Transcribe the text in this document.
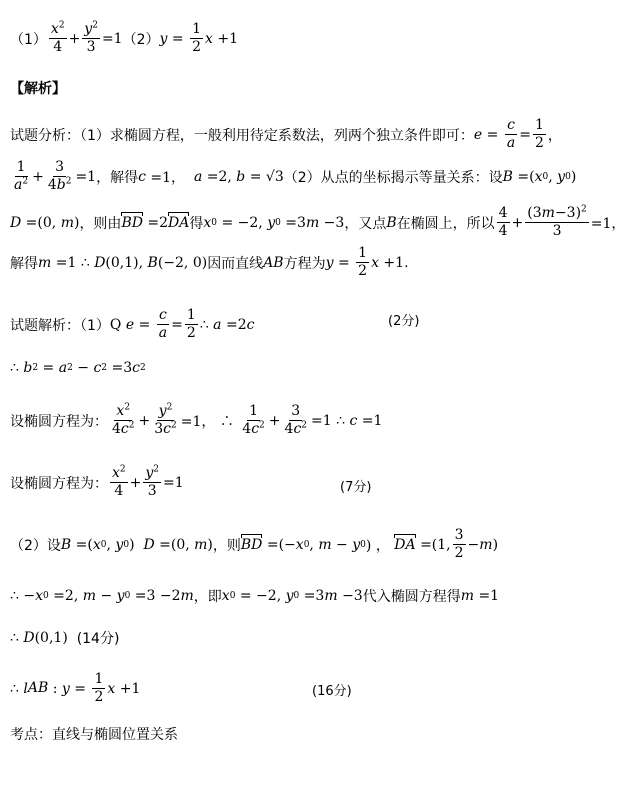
$(1) \frac{x^2}{4} + \frac{y^2}{3} =1$ （2） $y = \frac{1}{2}$ x +1
【解析】
试题分析：（1）求椭圆方程，一般利用待定系数法，列两个独立条件即可： $e = \frac{c}{a} = \frac{1}{2}$ ，
$\frac{1}{a^2} + \frac{3}{4b^2} =1$ ，解得 c =1， a =2, b = √3 （2）从点的坐标揭示等量关系：设 B =( x 0 , y 0 )
D =(0, m ) ，则由 BD =2 DA 得 x 0 = −2, y 0 =3 m −3 ，又点 B 在椭圆上，所以 $\frac{4}{4} + \frac{(3m-3)^2}{3} =1$，
解得 m =1 ∴ D (0,1), B (−2, 0) 因而直线 AB 方程为 $y = \frac{1}{2}$ x +1.
试题解析：（1） Q $e = \frac{c}{a} = \frac{1}{2}$ ∴ a =2 c	(2分)
∴ b 2 = a 2 − c 2 =3 c 2
设椭圆方程为： $\frac{x^2}{4c^2} + \frac{y^2}{3c^2} =1$， ∴ $\frac{1}{4c^2} + \frac{3}{4c^2} =1$ ∴ c =1
设椭圆方程为： $\frac{x^2}{4} + \frac{y^2}{3} =1$	(7分)
（2）设 B =( x 0 , y 0 ) D =(0, m ) ，则 BD =(− x 0 , m − y 0 ) ， DA =(1, $\frac{3}{2} - m$ )
∴ − x 0 =2, m − y 0 =3 −2 m ，即 x 0 = −2, y 0 =3 m −3 代入椭圆方程得 m =1
∴ D (0,1) (14分)
∴ l AB : $y = \frac{1}{2}$ x +1	(16分)
考点：直线与椭圆位置关系
